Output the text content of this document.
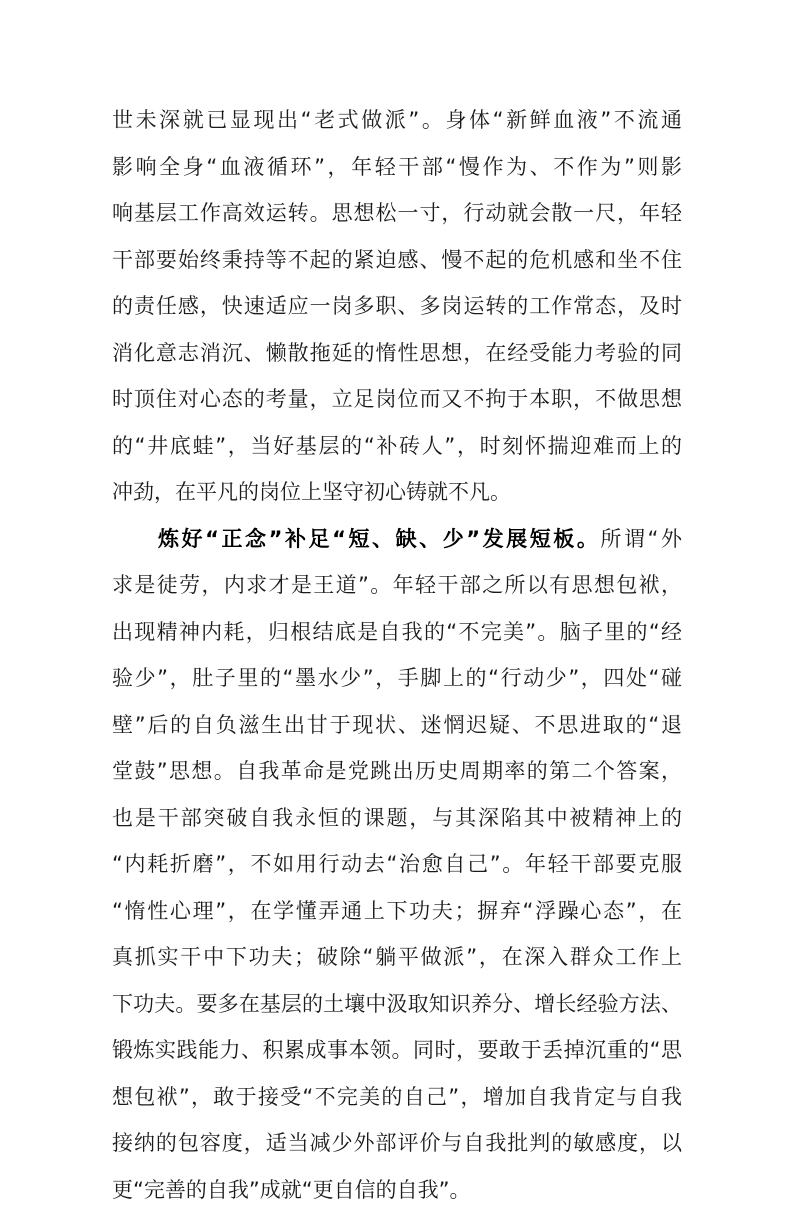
世未深就已显现出“老式做派”。身体“新鲜血液”不流通
影响全身“血液循环”，年轻干部“慢作为、不作为”则影
响基层工作高效运转。思想松一寸，行动就会散一尺，年轻
干部要始终秉持等不起的紧迫感、慢不起的危机感和坐不住
的责任感，快速适应一岗多职、多岗运转的工作常态，及时
消化意志消沉、懒散拖延的惰性思想，在经受能力考验的同
时顶住对心态的考量，立足岗位而又不拘于本职，不做思想
的“井底蛙”，当好基层的“补砖人”，时刻怀揣迎难而上的
冲劲，在平凡的岗位上坚守初心铸就不凡。
炼好“正念”补足“短、缺、少”发展短板。所谓“外
求是徒劳，内求才是王道”。年轻干部之所以有思想包袱，
出现精神内耗，归根结底是自我的“不完美”。脑子里的“经
验少”，肚子里的“墨水少”，手脚上的“行动少”，四处“碰
壁”后的自负滋生出甘于现状、迷惘迟疑、不思进取的“退
堂鼓”思想。自我革命是党跳出历史周期率的第二个答案，
也是干部突破自我永恒的课题，与其深陷其中被精神上的
“内耗折磨”，不如用行动去“治愈自己”。年轻干部要克服
“惰性心理”，在学懂弄通上下功夫；摒弃“浮躁心态”，在
真抓实干中下功夫；破除“躺平做派”，在深入群众工作上
下功夫。要多在基层的土壤中汲取知识养分、增长经验方法、
锻炼实践能力、积累成事本领。同时，要敢于丢掉沉重的“思
想包袱”，敢于接受“不完美的自己”，增加自我肯定与自我
接纳的包容度，适当减少外部评价与自我批判的敏感度，以
更“完善的自我”成就“更自信的自我”。
